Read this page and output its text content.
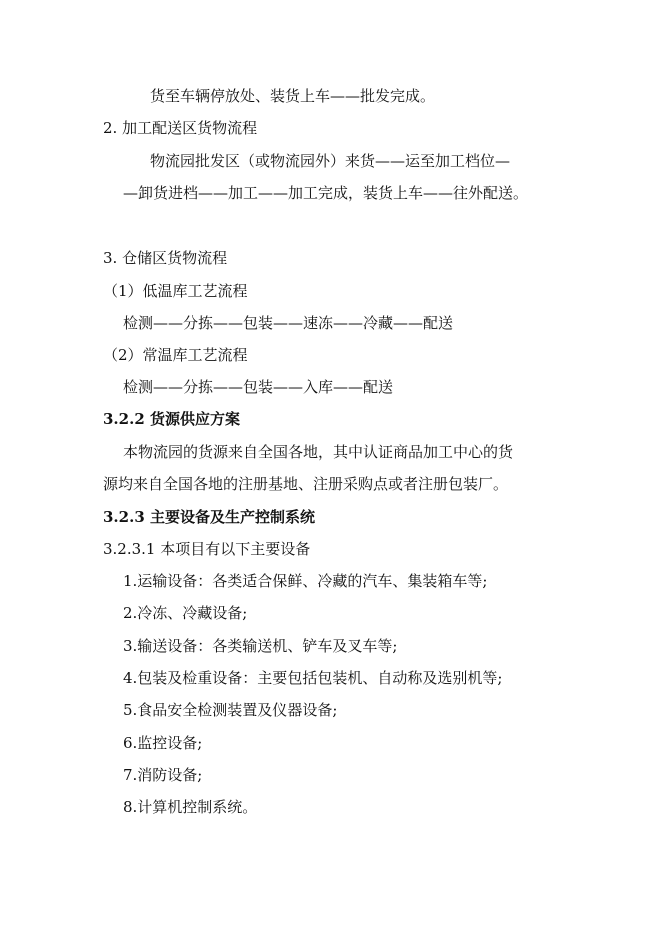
货至车辆停放处、装货上车——批发完成。
2. 加工配送区货物流程
物流园批发区（或物流园外）来货——运至加工档位—
—卸货进档——加工——加工完成，装货上车——往外配送。
3. 仓储区货物流程
（1）低温库工艺流程
检测——分拣——包装——速冻——冷藏——配送
（2）常温库工艺流程
检测——分拣——包装——入库——配送
3.2.2 货源供应方案
本物流园的货源来自全国各地，其中认证商品加工中心的货
源均来自全国各地的注册基地、注册采购点或者注册包装厂。
3.2.3 主要设备及生产控制系统
3.2.3.1 本项目有以下主要设备
1.运输设备：各类适合保鲜、冷藏的汽车、集装箱车等;
2.冷冻、冷藏设备;
3.输送设备：各类输送机、铲车及叉车等;
4.包装及检重设备：主要包括包装机、自动称及选别机等;
5.食品安全检测装置及仪器设备;
6.监控设备;
7.消防设备;
8.计算机控制系统。
